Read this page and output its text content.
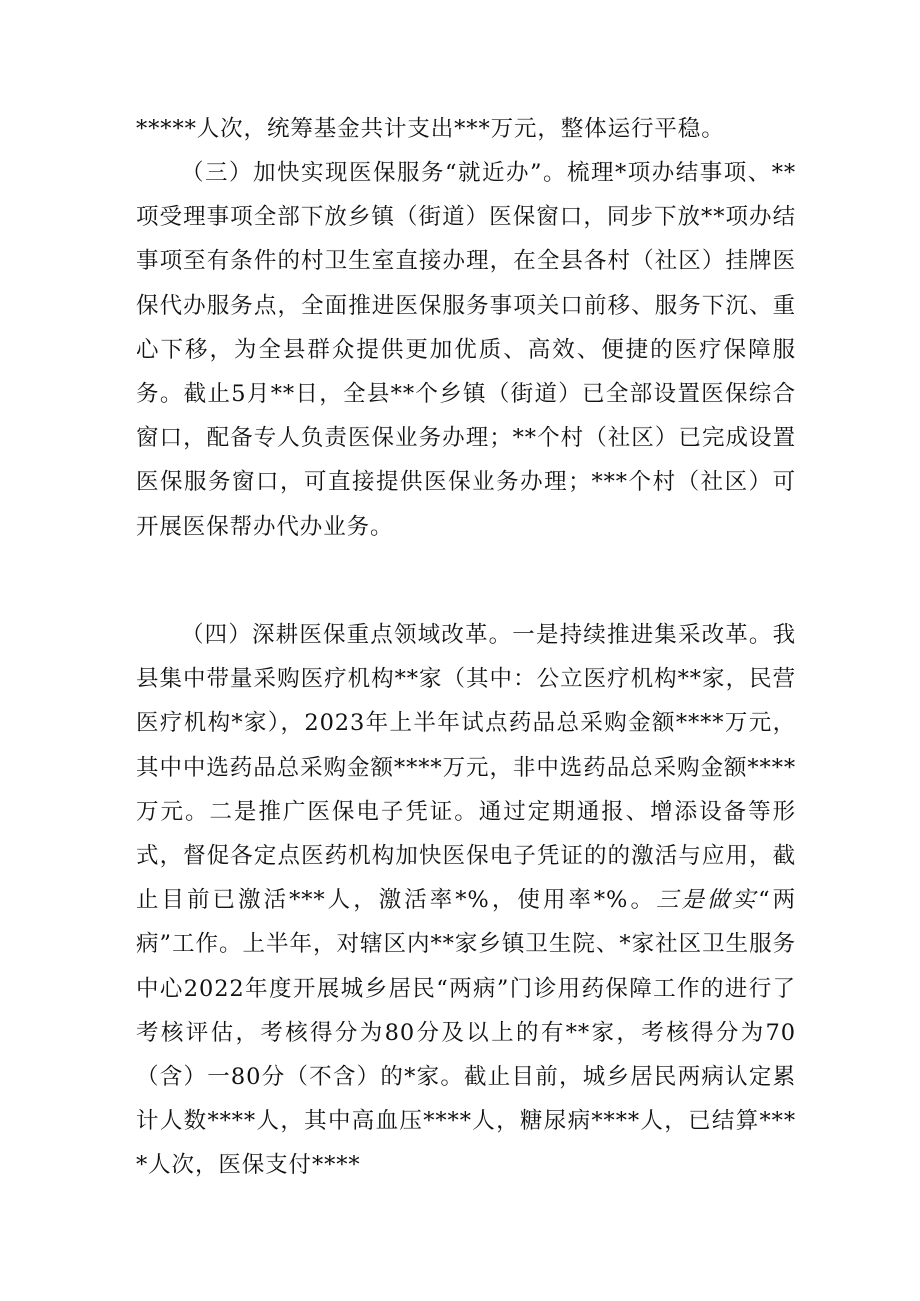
*****人次，统筹基金共计支出***万元，整体运行平稳。

（三）加快实现医保服务“就近办”。梳理*项办结事项、**项受理事项全部下放乡镇（街道）医保窗口，同步下放**项办结事项至有条件的村卫生室直接办理，在全县各村（社区）挂牌医保代办服务点，全面推进医保服务事项关口前移、服务下沉、重心下移，为全县群众提供更加优质、高效、便捷的医疗保障服务。截止5月**日，全县**个乡镇（街道）已全部设置医保综合窗口，配备专人负责医保业务办理；**个村（社区）已完成设置医保服务窗口，可直接提供医保业务办理；***个村（社区）可开展医保帮办代办业务。

（四）深耕医保重点领域改革。一是持续推进集采改革。我县集中带量采购医疗机构**家（其中：公立医疗机构**家，民营医疗机构*家），2023年上半年试点药品总采购金额****万元，其中中选药品总采购金额****万元，非中选药品总采购金额****万元。二是推广医保电子凭证。通过定期通报、增添设备等形式，督促各定点医药机构加快医保电子凭证的的激活与应用，截止目前已激活***人，激活率*%，使用率*%。三是做实“两病”工作。上半年，对辖区内**家乡镇卫生院、*家社区卫生服务中心2022年度开展城乡居民“两病”门诊用药保障工作的进行了考核评估，考核得分为80分及以上的有**家，考核得分为70（含）一80分（不含）的*家。截止目前，城乡居民两病认定累计人数****人，其中高血压****人，糖尿病****人，已结算****人次，医保支付****
